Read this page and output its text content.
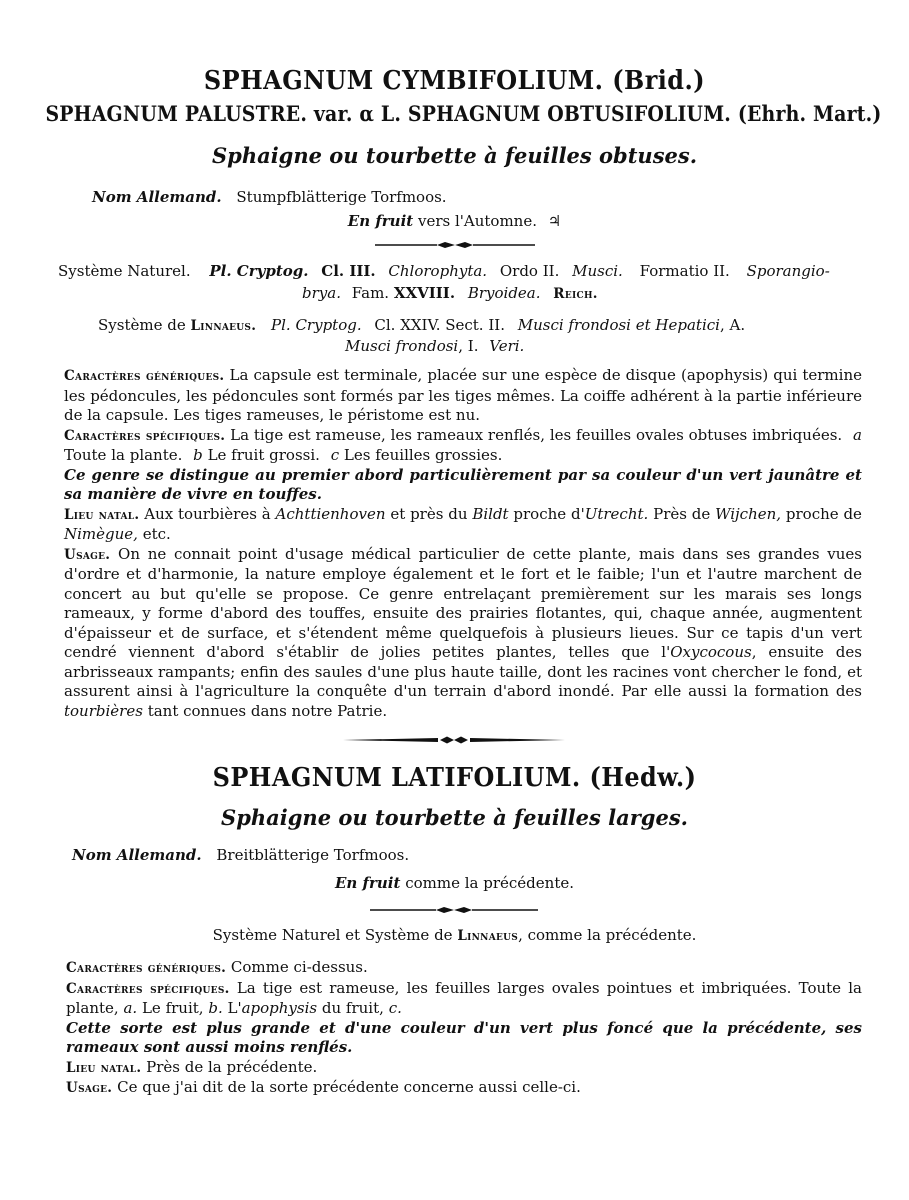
SPHAGNUM CYMBIFOLIUM. (Brid.)
SPHAGNUM PALUSTRE. var. α L. SPHAGNUM OBTUSIFOLIUM. (Ehrh. Mart.)
Sphaigne ou tourbette à feuilles obtuses.
Nom Allemand. Stumpfblätterige Torfmoos.
En fruit vers l'Automne. ♃
Système Naturel. Pl. Cryptog. Cl. III. Chlorophyta. Ordo II. Musci. Formatio II. Sporangio-
brya. Fam. XXVIII. Bryoidea. Reich.
Système de Linnaeus. Pl. Cryptog. Cl. XXIV. Sect. II. Musci frondosi et Hepatici, A.
Musci frondosi, I. Veri.
Caractères génériques. La capsule est terminale, placée sur une espèce de disque (apophysis) qui termine les pédoncules, les pédoncules sont formés par les tiges mêmes. La coiffe adhérent à la partie inférieure de la capsule. Les tiges rameuses, le péristome est nu.
Caractères spécifiques. La tige est rameuse, les rameaux renflés, les feuilles ovales obtuses imbriquées. a Toute la plante. b Le fruit grossi. c Les feuilles grossies.
Ce genre se distingue au premier abord particulièrement par sa couleur d'un vert jaunâtre et sa manière de vivre en touffes.
Lieu natal. Aux tourbières à Achttienhoven et près du Bildt proche d'Utrecht. Près de Wijchen, proche de Nimègue, etc.
Usage. On ne connait point d'usage médical particulier de cette plante, mais dans ses grandes vues d'ordre et d'harmonie, la nature employe également et le fort et le faible; l'un et l'autre marchent de concert au but qu'elle se propose. Ce genre entrelaçant premièrement sur les marais ses longs rameaux, y forme d'abord des touffes, ensuite des prairies flotantes, qui, chaque année, augmentent d'épaisseur et de surface, et s'étendent même quelquefois à plusieurs lieues. Sur ce tapis d'un vert cendré viennent d'abord s'établir de jolies petites plantes, telles que l'Oxycocous, ensuite des arbrisseaux rampants; enfin des saules d'une plus haute taille, dont les racines vont chercher le fond, et assurent ainsi à l'agriculture la conquête d'un terrain d'abord inondé. Par elle aussi la formation des tourbières tant connues dans notre Patrie.
SPHAGNUM LATIFOLIUM. (Hedw.)
Sphaigne ou tourbette à feuilles larges.
Nom Allemand. Breitblätterige Torfmoos.
En fruit comme la précédente.
Système Naturel et Système de Linnaeus, comme la précédente.
Caractères génériques. Comme ci-dessus.
Caractères spécifiques. La tige est rameuse, les feuilles larges ovales pointues et imbriquées. Toute la plante, a. Le fruit, b. L'apophysis du fruit, c.
Cette sorte est plus grande et d'une couleur d'un vert plus foncé que la précédente, ses rameaux sont aussi moins renflés.
Lieu natal. Près de la précédente.
Usage. Ce que j'ai dit de la sorte précédente concerne aussi celle-ci.
